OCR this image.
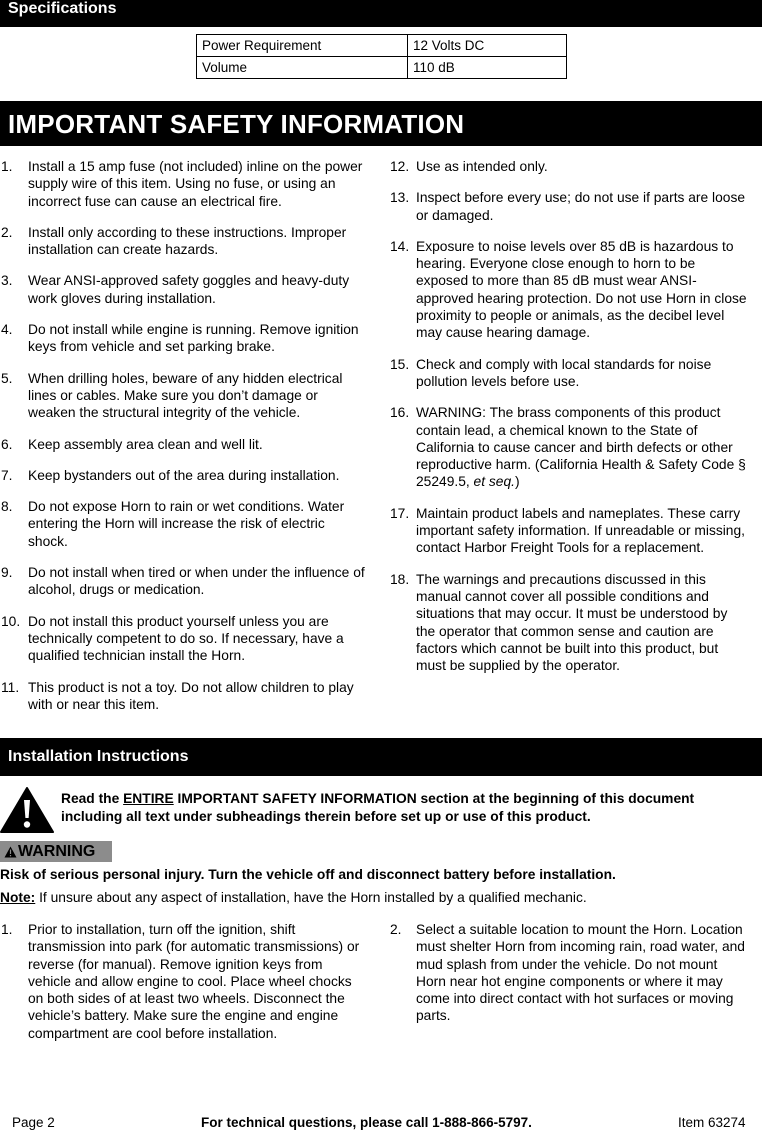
Specifications
Power Requirement	12 Volts DC
Volume	110 dB
IMPORTANT SAFETY INFORMATION
1. Install a 15 amp fuse (not included) inline on the power supply wire of this item. Using no fuse, or using an incorrect fuse can cause an electrical fire.
2. Install only according to these instructions. Improper installation can create hazards.
3. Wear ANSI-approved safety goggles and heavy-duty work gloves during installation.
4. Do not install while engine is running. Remove ignition keys from vehicle and set parking brake.
5. When drilling holes, beware of any hidden electrical lines or cables. Make sure you don’t damage or weaken the structural integrity of the vehicle.
6. Keep assembly area clean and well lit.
7. Keep bystanders out of the area during installation.
8. Do not expose Horn to rain or wet conditions. Water entering the Horn will increase the risk of electric shock.
9. Do not install when tired or when under the influence of alcohol, drugs or medication.
10. Do not install this product yourself unless you are technically competent to do so. If necessary, have a qualified technician install the Horn.
11. This product is not a toy. Do not allow children to play with or near this item.
12. Use as intended only.
13. Inspect before every use; do not use if parts are loose or damaged.
14. Exposure to noise levels over 85 dB is hazardous to hearing. Everyone close enough to horn to be exposed to more than 85 dB must wear ANSI-approved hearing protection. Do not use Horn in close proximity to people or animals, as the decibel level may cause hearing damage.
15. Check and comply with local standards for noise pollution levels before use.
16. WARNING: The brass components of this product contain lead, a chemical known to the State of California to cause cancer and birth defects or other reproductive harm. (California Health & Safety Code § 25249.5, et seq.)
17. Maintain product labels and nameplates. These carry important safety information. If unreadable or missing, contact Harbor Freight Tools for a replacement.
18. The warnings and precautions discussed in this manual cannot cover all possible conditions and situations that may occur. It must be understood by the operator that common sense and caution are factors which cannot be built into this product, but must be supplied by the operator.
Installation Instructions
Read the ENTIRE IMPORTANT SAFETY INFORMATION section at the beginning of this document including all text under subheadings therein before set up or use of this product.
WARNING
Risk of serious personal injury. Turn the vehicle off and disconnect battery before installation.
Note: If unsure about any aspect of installation, have the Horn installed by a qualified mechanic.
1. Prior to installation, turn off the ignition, shift transmission into park (for automatic transmissions) or reverse (for manual). Remove ignition keys from vehicle and allow engine to cool. Place wheel chocks on both sides of at least two wheels. Disconnect the vehicle’s battery. Make sure the engine and engine compartment are cool before installation.
2. Select a suitable location to mount the Horn. Location must shelter Horn from incoming rain, road water, and mud splash from under the vehicle. Do not mount Horn near hot engine components or where it may come into direct contact with hot surfaces or moving parts.
Page 2	For technical questions, please call 1-888-866-5797.	Item 63274
